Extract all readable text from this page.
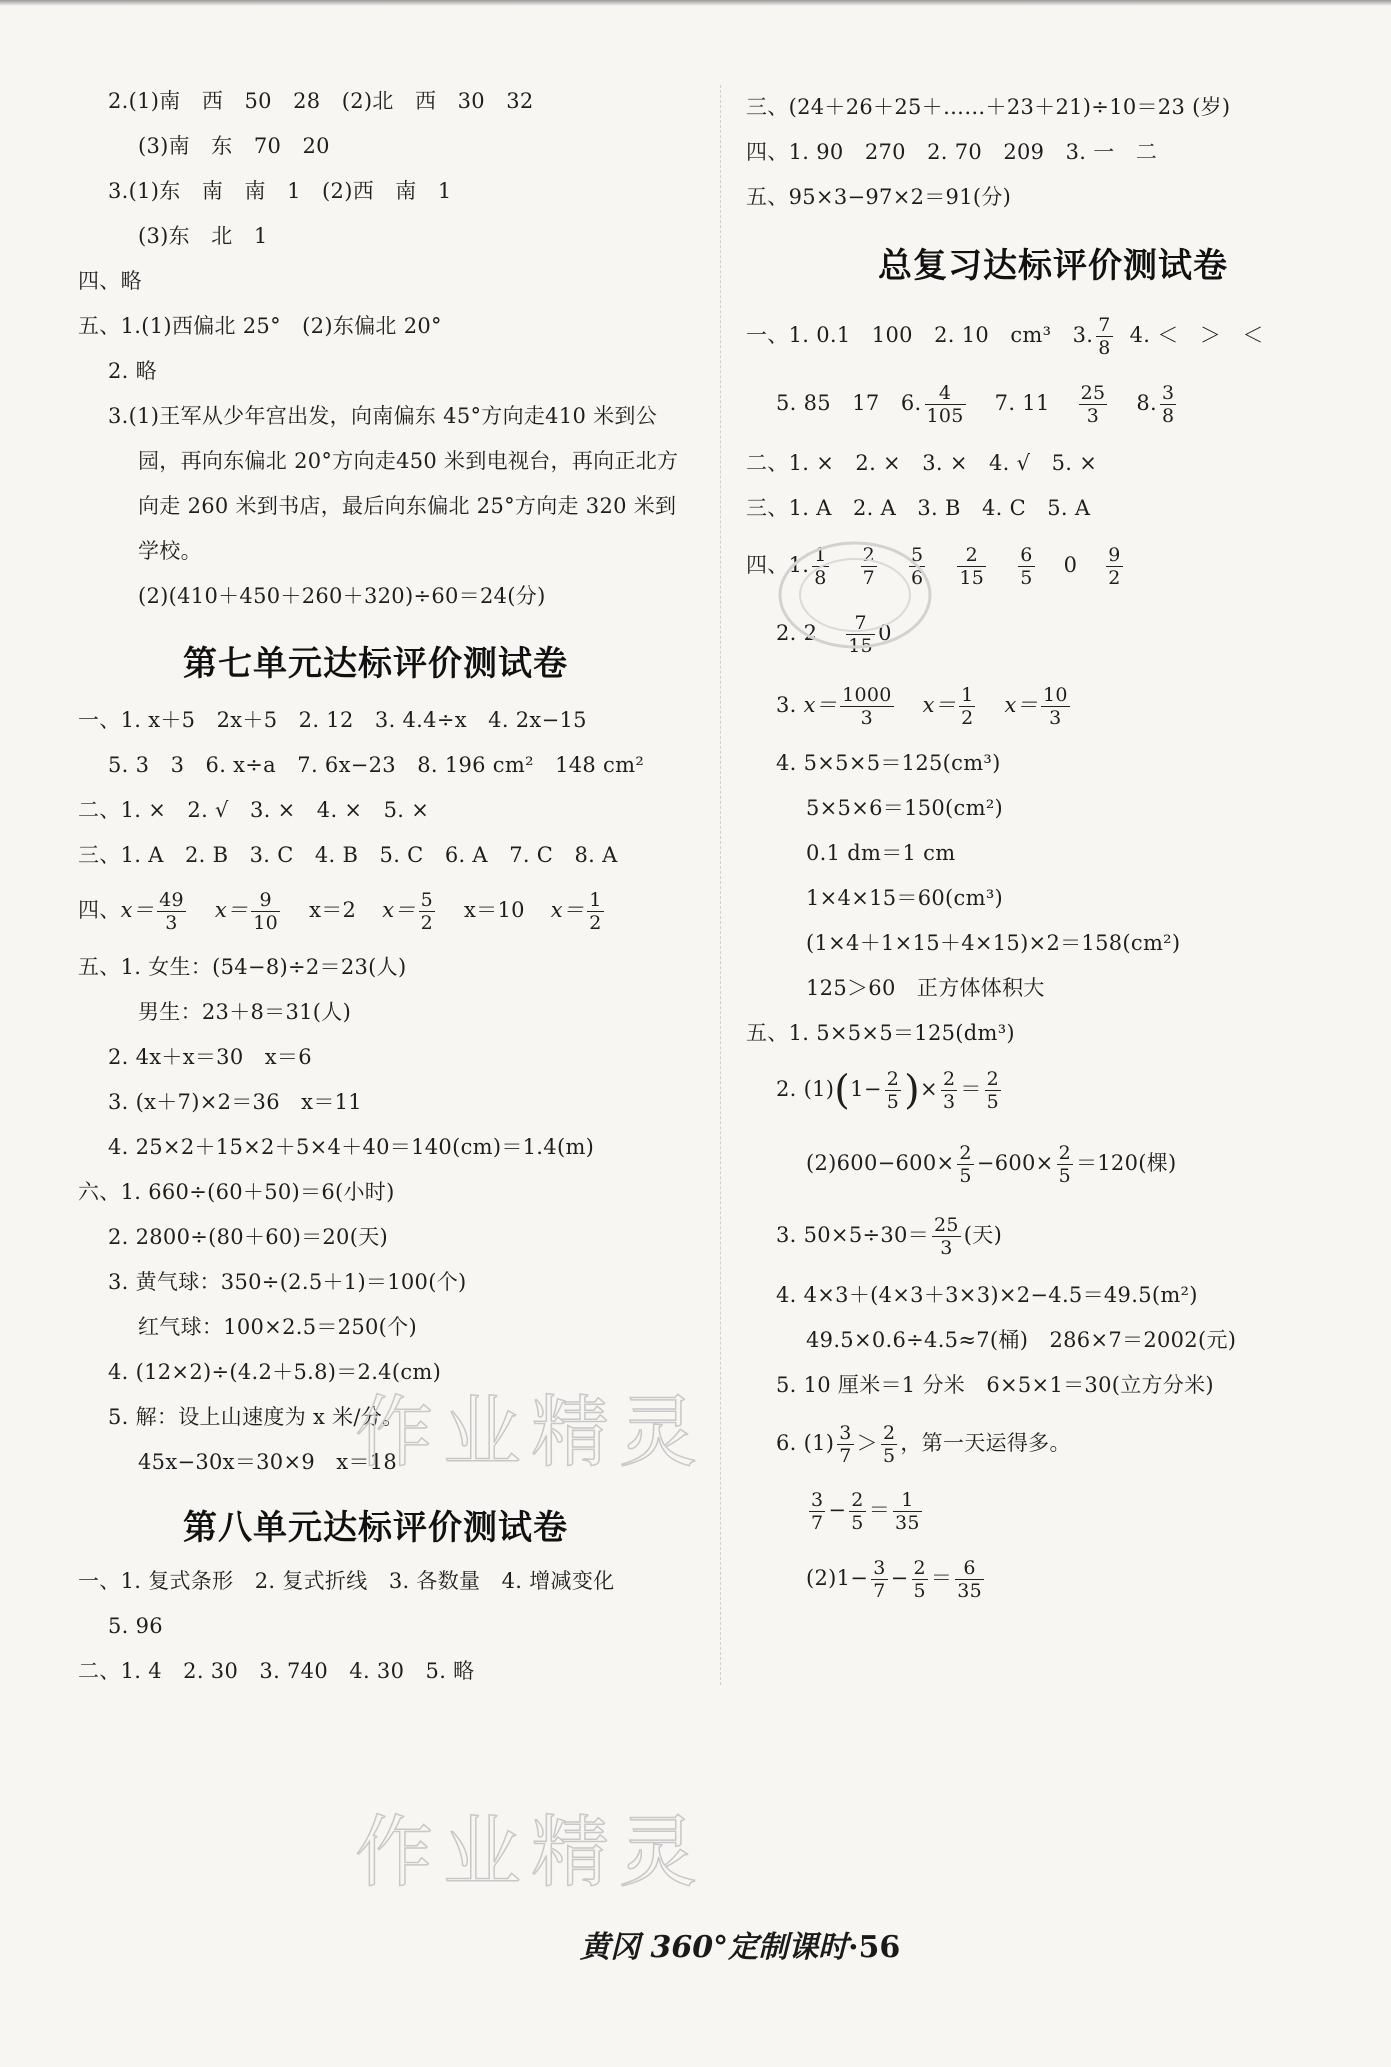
2.(1)南　西　50　28　(2)北　西　30　32
(3)南　东　70　20
3.(1)东　南　南　1　(2)西　南　1
(3)东　北　1
四、略
五、1.(1)西偏北 25°　(2)东偏北 20°
2. 略
3.(1)王军从少年宫出发，向南偏东 45°方向走410 米到公
园，再向东偏北 20°方向走450 米到电视台，再向正北方
向走 260 米到书店，最后向东偏北 25°方向走 320 米到
学校。
(2)(410＋450＋260＋320)÷60＝24(分)
第七单元达标评价测试卷
一、1. x＋5　2x＋5　2. 12　3. 4.4÷x　4. 2x−15
5. 3　3　6. x÷a　7. 6x−23　8. 196 cm²　148 cm²
二、1. ×　2. √　3. ×　4. ×　5. ×
三、1. A　2. B　3. C　4. B　5. C　6. A　7. C　8. A
四、$x= \frac{49}{3} x= \frac{9}{10} x=2$ $x= \frac{5}{2} x=10$ $x= \frac{1}{2}$
五、1. 女生：(54−8)÷2＝23(人)
男生：23＋8＝31(人)
2. 4x＋x＝30　x＝6
3. (x＋7)×2＝36　x＝11
4. 25×2＋15×2＋5×4＋40＝140(cm)＝1.4(m)
六、1. 660÷(60＋50)＝6(小时)
2. 2800÷(80＋60)＝20(天)
3. 黄气球：350÷(2.5＋1)＝100(个)
红气球：100×2.5＝250(个)
4. (12×2)÷(4.2＋5.8)＝2.4(cm)
5. 解：设上山速度为 x 米/分。
45x−30x＝30×9　x＝18
第八单元达标评价测试卷
一、1. 复式条形　2. 复式折线　3. 各数量　4. 增减变化
5. 96
二、1. 4　2. 30　3. 740　4. 30　5. 略
三、(24＋26＋25＋……＋23＋21)÷10＝23 (岁)
四、1. 90　270　2. 70　209　3. 一　二
五、95×3−97×2＝91(分)
总复习达标评价测试卷
一、1. 0.1　100　2. 10　cm³　3. $\frac{7}{8} 4$. ＜　＞　＜
5. 85　17　6. $\frac{4}{105} 7$. $11 \frac{25}{3} 8$. $\frac{3}{8}$
二、1. ×　2. ×　3. ×　4. √　5. ×
三、1. A　2. A　3. B　4. C　5. A
四、1. $\frac{1}{8} \frac{2}{7} \frac{5}{6} \frac{2}{15} \frac{6}{5} 0 \frac{9}{2}$
2. $2 \frac{7}{15} 0$
3. $x= \frac{1000}{3} x= \frac{1}{2} x= \frac{10}{3}$
4. 5×5×5＝125(cm³)
5×5×6＝150(cm²)
0.1 dm＝1 cm
1×4×15＝60(cm³)
(1×4＋1×15＋4×15)×2＝158(cm²)
125＞60　正方体体积大
五、1. 5×5×5＝125(dm³)
2. $(1)(1- \frac{2}{5}$ )× $\frac{2}{3} = \frac{2}{5}$
$(2)600-600\times \frac{2}{5} -600\times \frac{2}{5} =120$(棵)
3. $50\times 5\div 30= \frac{25}{3}$ (天)
4. 4×3＋(4×3＋3×3)×2−4.5＝49.5(m²)
49.5×0.6÷4.5≈7(桶)　286×7＝2002(元)
5. 10 厘米＝1 分米　6×5×1＝30(立方分米)
6. $(1) \frac{3}{7} > \frac{2}{5}$ ，第一天运得多。
$\frac{3}{7} - \frac{2}{5} = \frac{1}{35}$
$(2)1- \frac{3}{7} - \frac{2}{5} = \frac{6}{35}$
作业精灵
作业精灵
黄冈 360°定制课时·56
